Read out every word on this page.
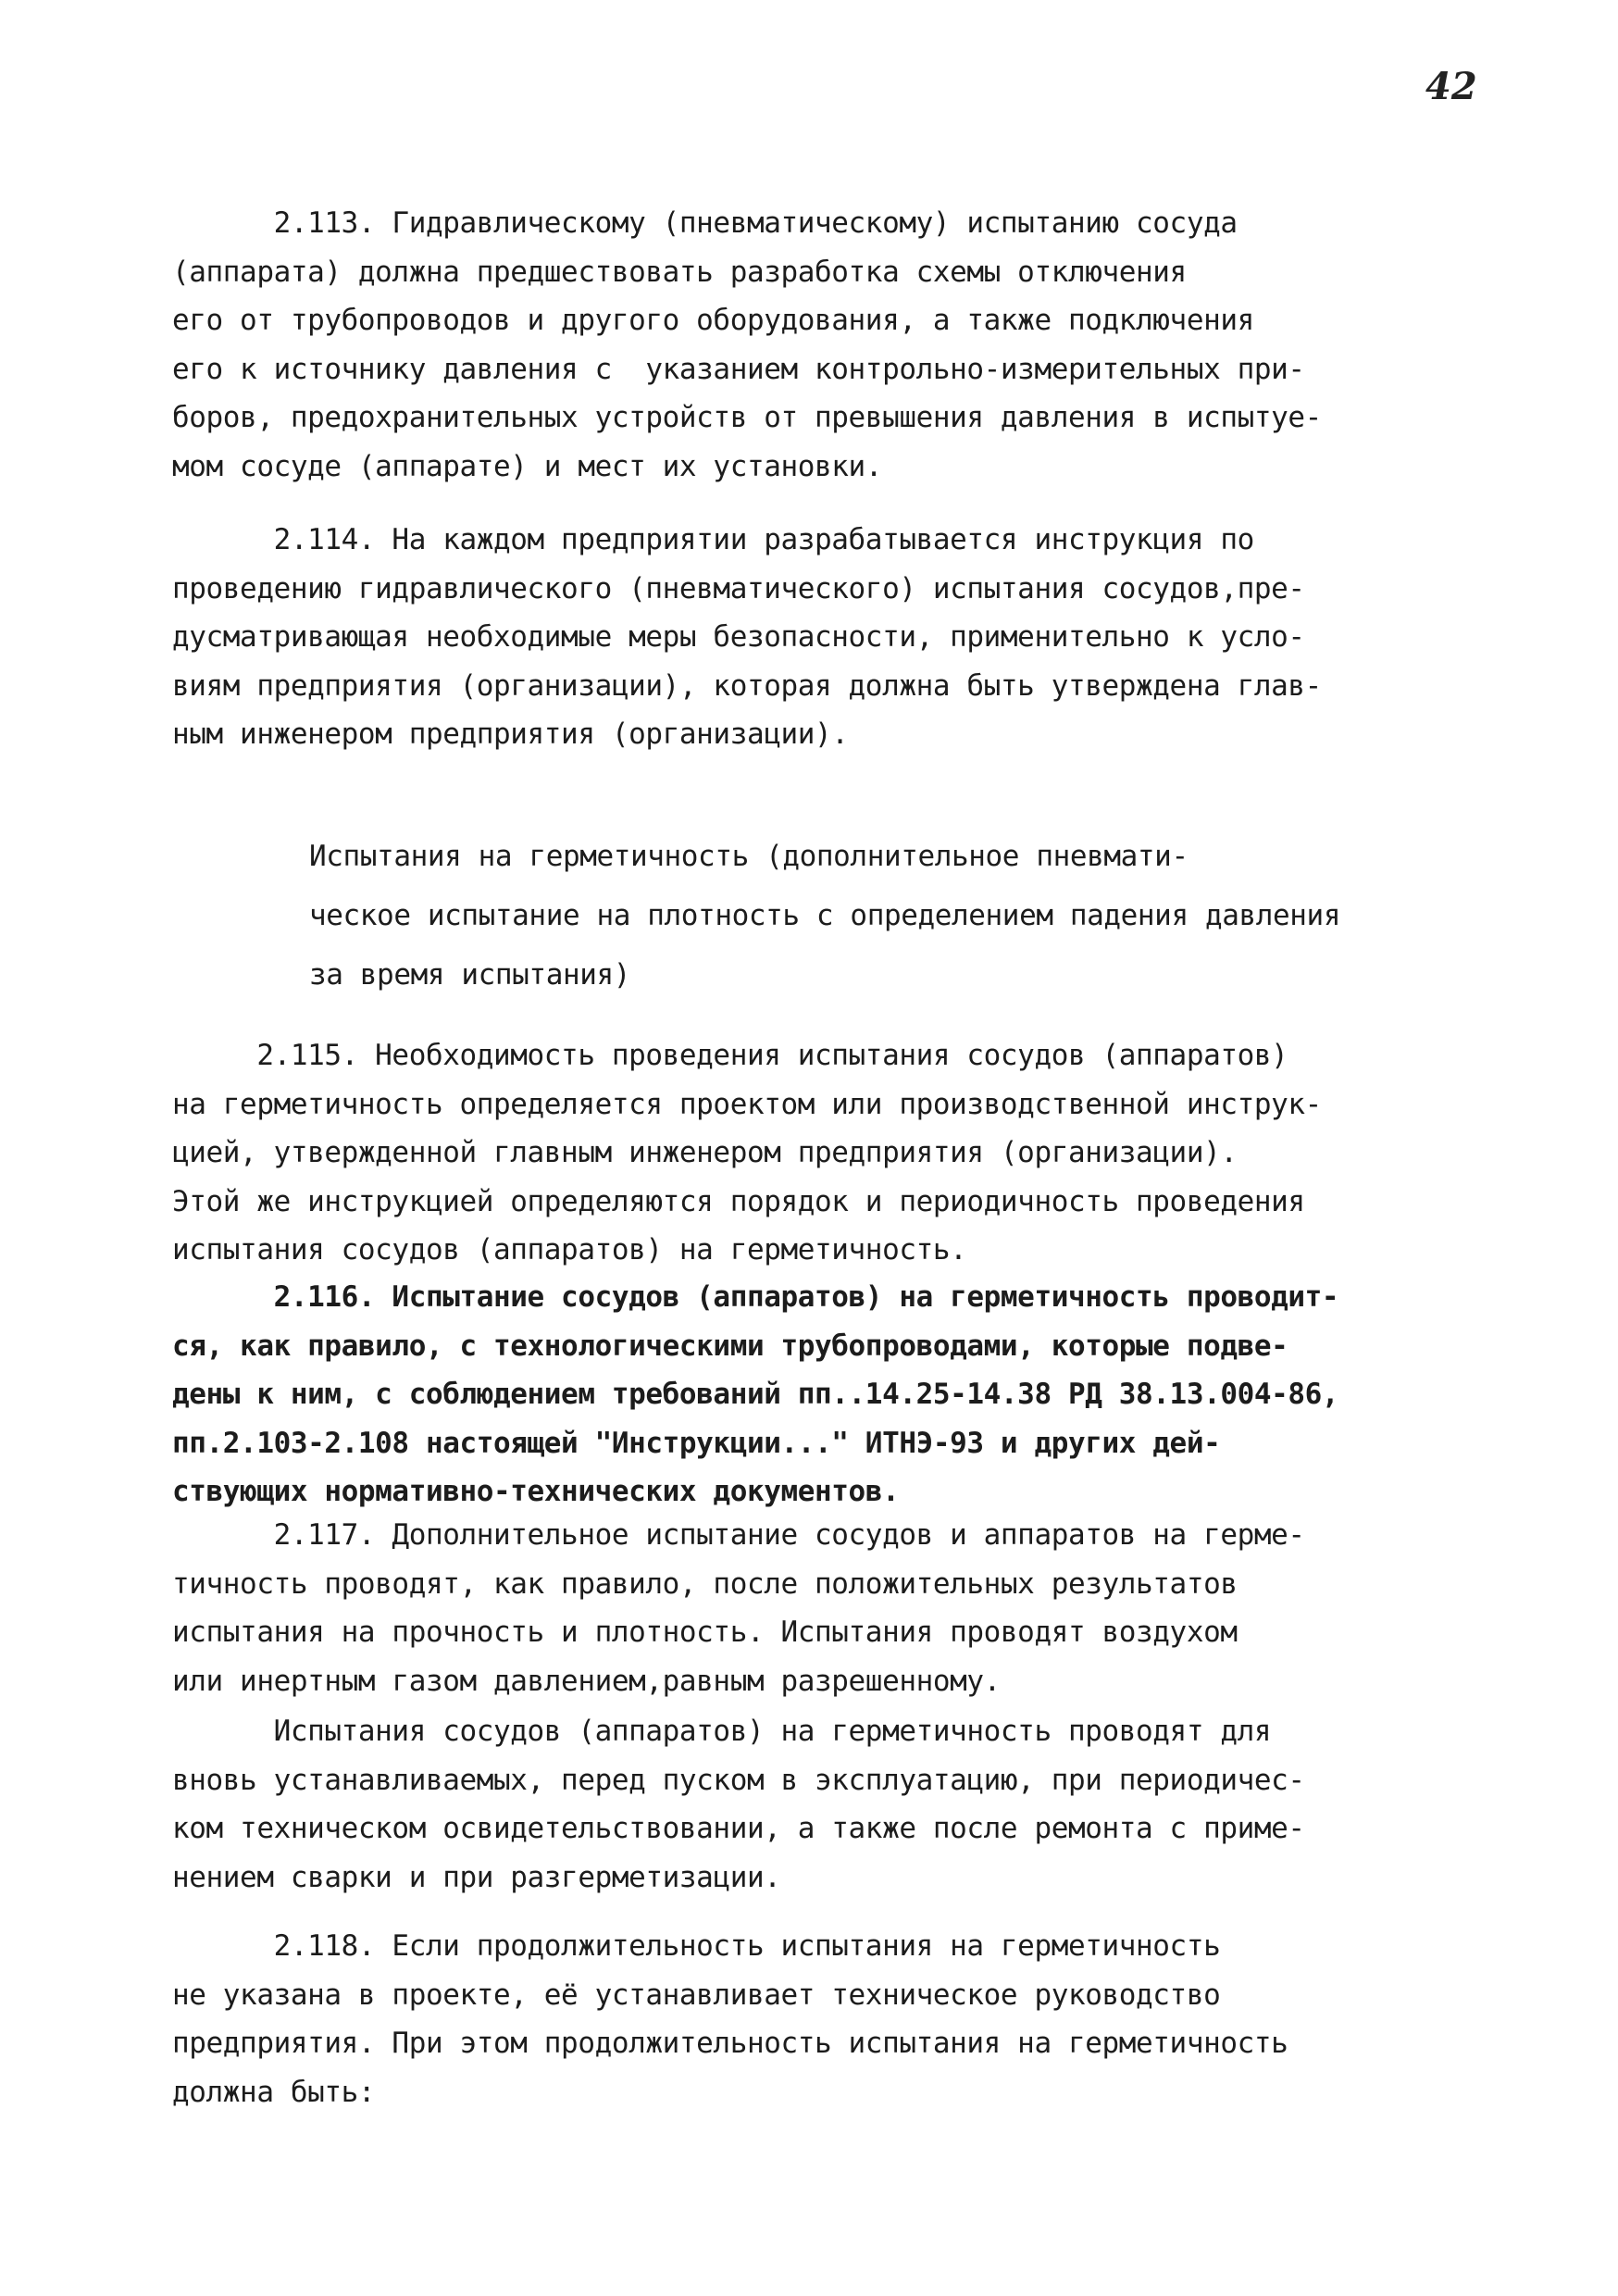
42
2.113. Гидравлическому (пневматическому) испытанию сосуда
(аппарата) должна предшествовать разработка схемы отключения
его от трубопроводов и другого оборудования, а также подключения
его к источнику давления с  указанием контрольно-измерительных при-
боров, предохранительных устройств от превышения давления в испытуе-
мом сосуде (аппарате) и мест их установки.
2.114. На каждом предприятии разрабатывается инструкция по
проведению гидравлического (пневматического) испытания сосудов,пре-
дусматривающая необходимые меры безопасности, применительно к усло-
виям предприятия (организации), которая должна быть утверждена глав-
ным инженером предприятия (организации).
Испытания на герметичность (дополнительное пневмати-
ческое испытание на плотность с определением падения давления
за время испытания)
2.115. Необходимость проведения испытания сосудов (аппаратов)
на герметичность определяется проектом или производственной инструк-
цией, утвержденной главным инженером предприятия (организации).
Этой же инструкцией определяются порядок и периодичность проведения
испытания сосудов (аппаратов) на герметичность.
2.116. Испытание сосудов (аппаратов) на герметичность проводит-
ся, как правило, с технологическими трубопроводами, которые подве-
дены к ним, с соблюдением требований пп..14.25-14.38 РД 38.13.004-86,
пп.2.103-2.108 настоящей "Инструкции..." ИТНЭ-93 и других дей-
ствующих нормативно-технических документов.
2.117. Дополнительное испытание сосудов и аппаратов на герме-
тичность проводят, как правило, после положительных результатов
испытания на прочность и плотность. Испытания проводят воздухом
или инертным газом давлением,равным разрешенному.
Испытания сосудов (аппаратов) на герметичность проводят для
вновь устанавливаемых, перед пуском в эксплуатацию, при периодичес-
ком техническом освидетельствовании, а также после ремонта с приме-
нением сварки и при разгерметизации.
2.118. Если продолжительность испытания на герметичность
не указана в проекте, её устанавливает техническое руководство
предприятия. При этом продолжительность испытания на герметичность
должна быть:
